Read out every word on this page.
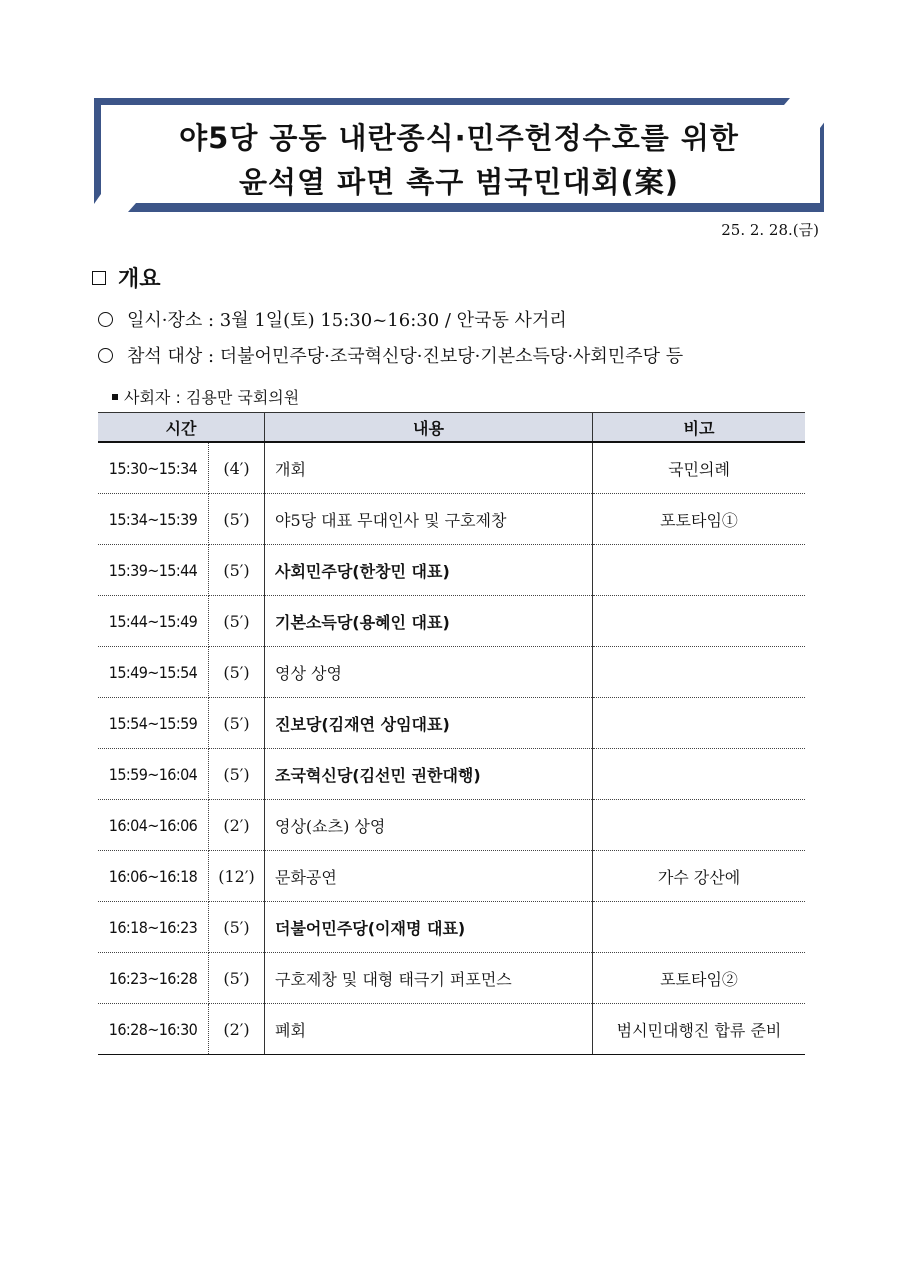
야5당 공동 내란종식·민주헌정수호를 위한
윤석열 파면 촉구 범국민대회(案)
25. 2. 28.(금)
개요
일시·장소 : 3월 1일(토) 15:30~16:30 / 안국동 사거리
참석 대상 : 더불어민주당·조국혁신당·진보당·기본소득당·사회민주당 등
사회자 : 김용만 국회의원
시간		내용	비고
15:30~15:34	(4′)	개회	국민의례
15:34~15:39	(5′)	야5당 대표 무대인사 및 구호제창	포토타임①
15:39~15:44	(5′)	사회민주당(한창민 대표)	
15:44~15:49	(5′)	기본소득당(용혜인 대표)	
15:49~15:54	(5′)	영상 상영	
15:54~15:59	(5′)	진보당(김재연 상임대표)	
15:59~16:04	(5′)	조국혁신당(김선민 권한대행)	
16:04~16:06	(2′)	영상(쇼츠) 상영	
16:06~16:18	(12′)	문화공연	가수 강산에
16:18~16:23	(5′)	더불어민주당(이재명 대표)	
16:23~16:28	(5′)	구호제창 및 대형 태극기 퍼포먼스	포토타임②
16:28~16:30	(2′)	폐회	범시민대행진 합류 준비
